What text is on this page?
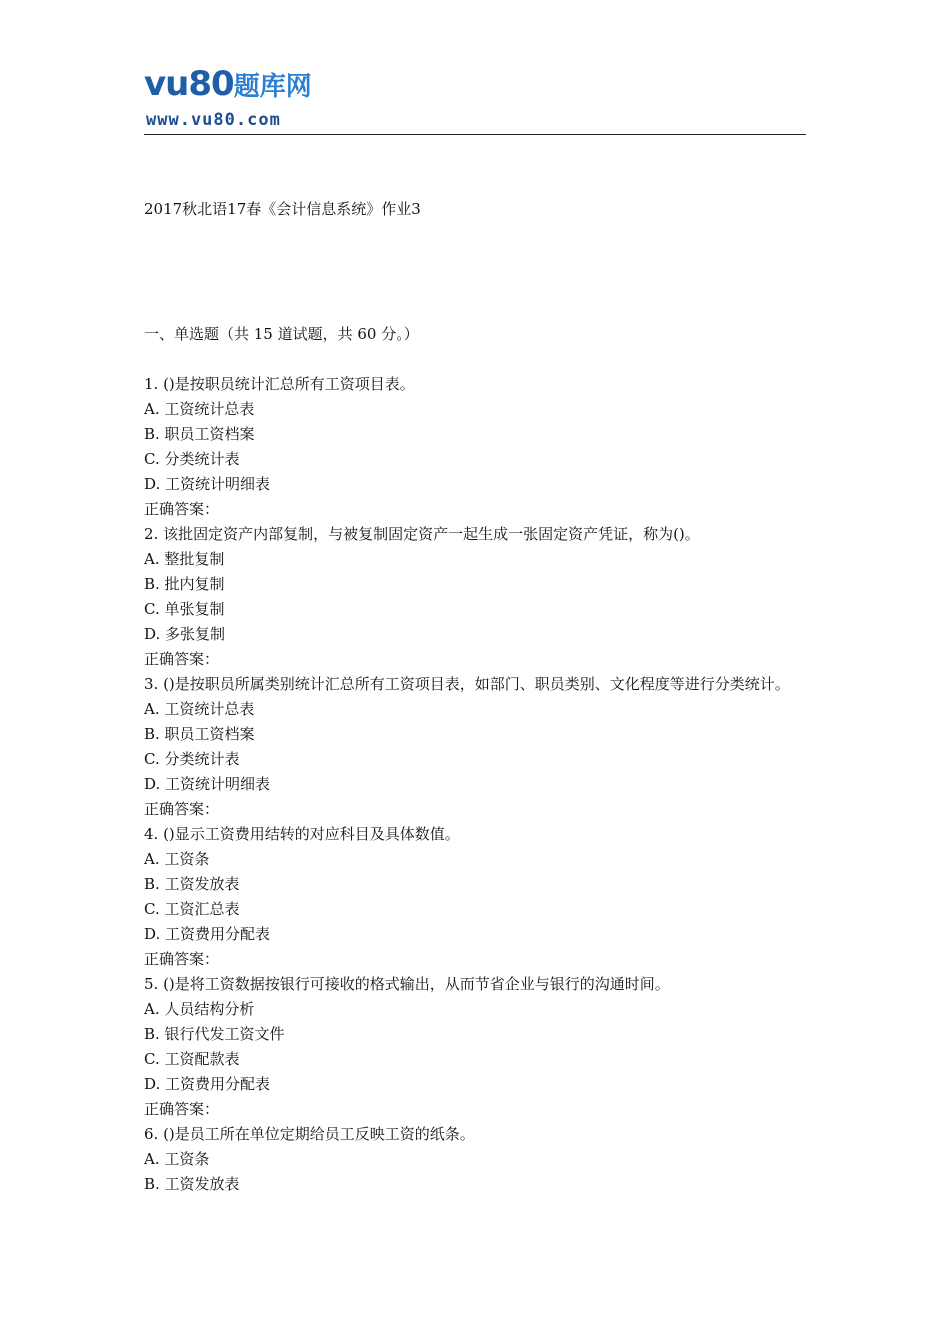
vu80题库网
www.vu80.com
2017秋北语17春《会计信息系统》作业3
一、单选题（共 15 道试题，共 60 分。）

1. ()是按职员统计汇总所有工资项目表。

A. 工资统计总表

B. 职员工资档案

C. 分类统计表

D. 工资统计明细表

正确答案：

2. 该批固定资产内部复制，与被复制固定资产一起生成一张固定资产凭证，称为()。

A. 整批复制

B. 批内复制

C. 单张复制

D. 多张复制

正确答案：

3. ()是按职员所属类别统计汇总所有工资项目表，如部门、职员类别、文化程度等进行分类统计。

A. 工资统计总表

B. 职员工资档案

C. 分类统计表

D. 工资统计明细表

正确答案：

4. ()显示工资费用结转的对应科目及具体数值。

A. 工资条

B. 工资发放表

C. 工资汇总表

D. 工资费用分配表

正确答案：

5. ()是将工资数据按银行可接收的格式输出，从而节省企业与银行的沟通时间。

A. 人员结构分析

B. 银行代发工资文件

C. 工资配款表

D. 工资费用分配表

正确答案：

6. ()是员工所在单位定期给员工反映工资的纸条。

A. 工资条

B. 工资发放表
